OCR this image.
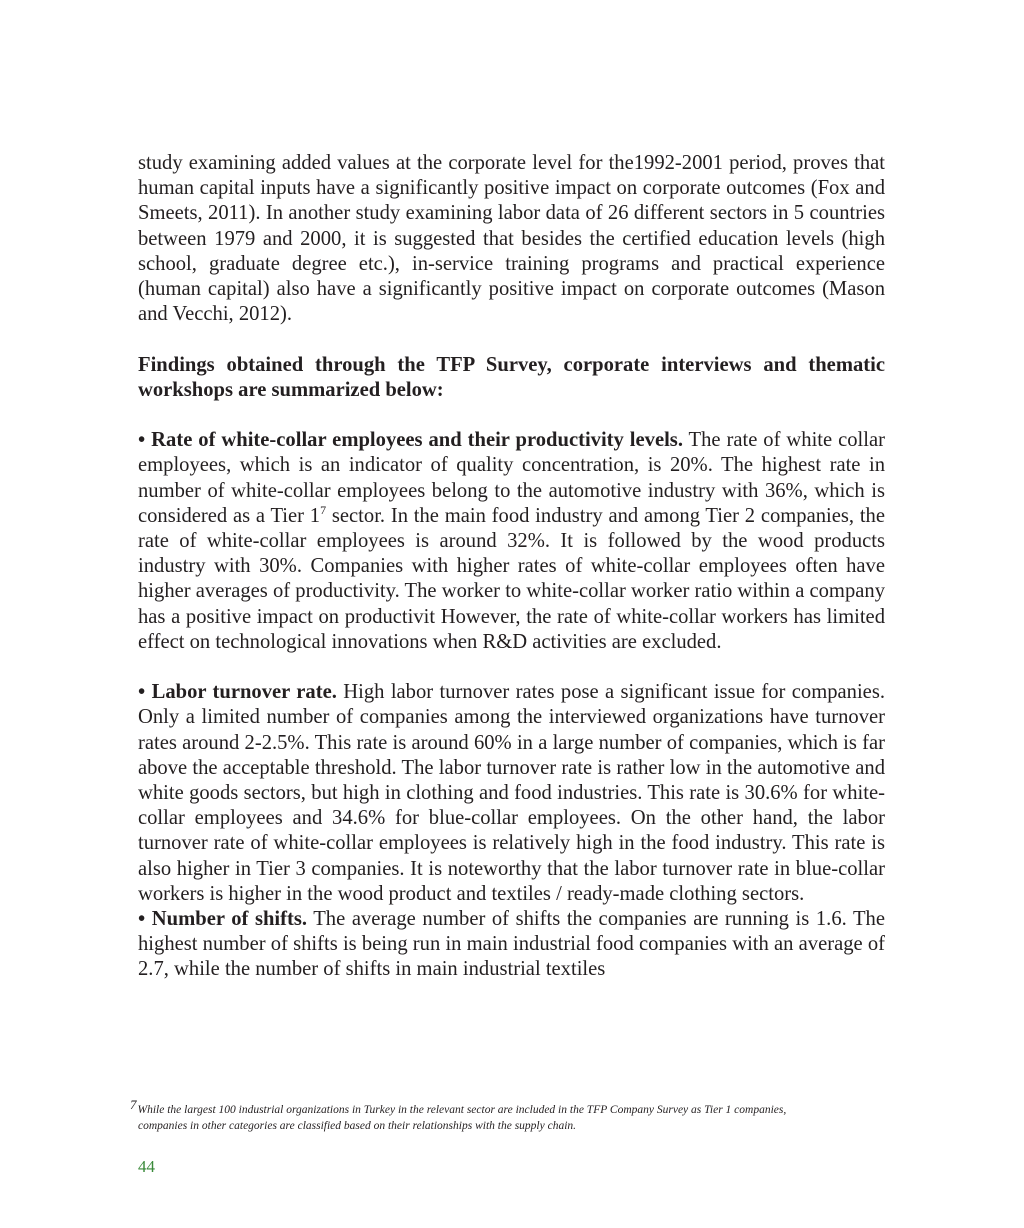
study examining added values at the corporate level for the1992-2001 period, proves that human capital inputs have a significantly positive impact on corporate outcomes (Fox and Smeets, 2011). In another study examining labor data of 26 different sectors in 5 countries between 1979 and 2000, it is suggested that besides the certified education levels (high school, graduate degree etc.), in-service training programs and practical experience (human capital) also have a significantly positive impact on corporate outcomes (Mason and Vecchi, 2012).

Findings obtained through the TFP Survey, corporate interviews and thematic workshops are summarized below:

• Rate of white-collar employees and their productivity levels. The rate of white collar employees, which is an indicator of quality concentration, is 20%. The highest rate in number of white-collar employees belong to the automotive industry with 36%, which is considered as a Tier $1^7$ sector. In the main food industry and among Tier 2 companies, the rate of white-collar employees is around 32%. It is followed by the wood products industry with 30%. Companies with higher rates of white-collar employees often have higher averages of productivity. The worker to white-collar worker ratio within a company has a positive impact on productivit However, the rate of white-collar workers has limited effect on technological innovations when R&D activities are excluded.

• Labor turnover rate. High labor turnover rates pose a significant issue for companies. Only a limited number of companies among the interviewed organizations have turnover rates around 2-2.5%. This rate is around 60% in a large number of companies, which is far above the acceptable threshold. The labor turnover rate is rather low in the automotive and white goods sectors, but high in clothing and food industries. This rate is 30.6% for white-collar employees and 34.6% for blue-collar employees. On the other hand, the labor turnover rate of white-collar employees is relatively high in the food industry. This rate is also higher in Tier 3 companies. It is noteworthy that the labor turnover rate in blue-collar workers is higher in the wood product and textiles / ready-made clothing sectors.

• Number of shifts. The average number of shifts the companies are running is 1.6. The highest number of shifts is being run in main industrial food companies with an average of 2.7, while the number of shifts in main industrial textiles

7While the largest 100 industrial organizations in Turkey in the relevant sector are included in the TFP Company Survey as Tier 1 companies,
companies in other categories are classified based on their relationships with the supply chain.
44
